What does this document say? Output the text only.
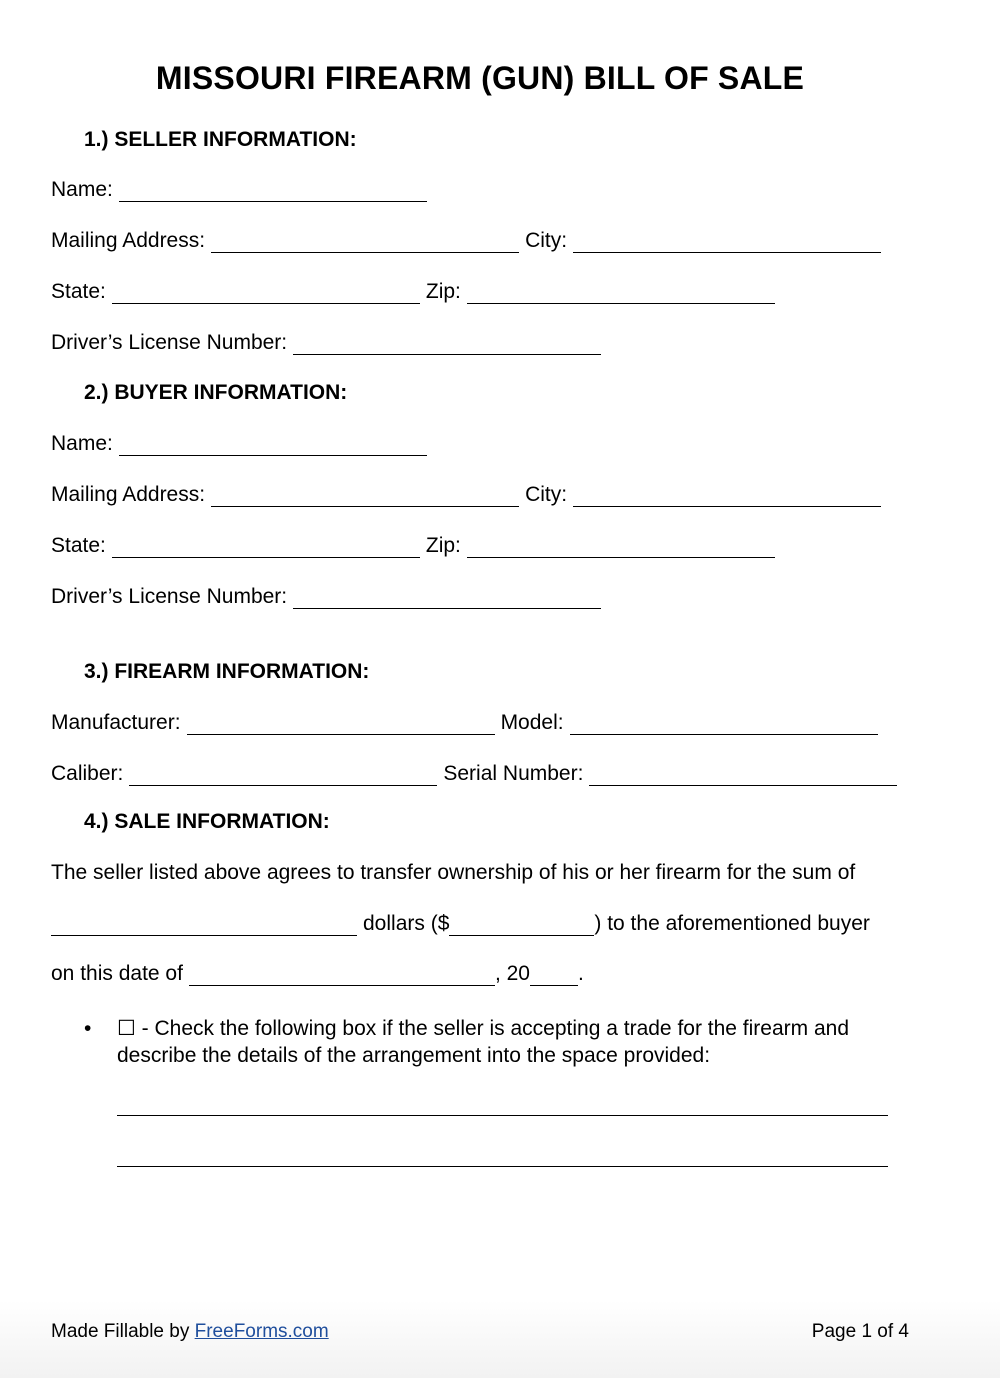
MISSOURI FIREARM (GUN) BILL OF SALE
1.) SELLER INFORMATION:
Name:
Mailing Address:	City:
State:	Zip:
Driver’s License Number:
2.) BUYER INFORMATION:
Name:
Mailing Address:	City:
State:	Zip:
Driver’s License Number:
3.) FIREARM INFORMATION:
Manufacturer:	Model:
Caliber:	Serial Number:
4.) SALE INFORMATION:
The seller listed above agrees to transfer ownership of his or her firearm for the sum of
dollars ($	) to the aforementioned buyer
on this date of	, 20 .
• ☐ - Check the following box if the seller is accepting a trade for the firearm and describe the details of the arrangement into the space provided:
Made Fillable by FreeForms.com	Page 1 of 4
